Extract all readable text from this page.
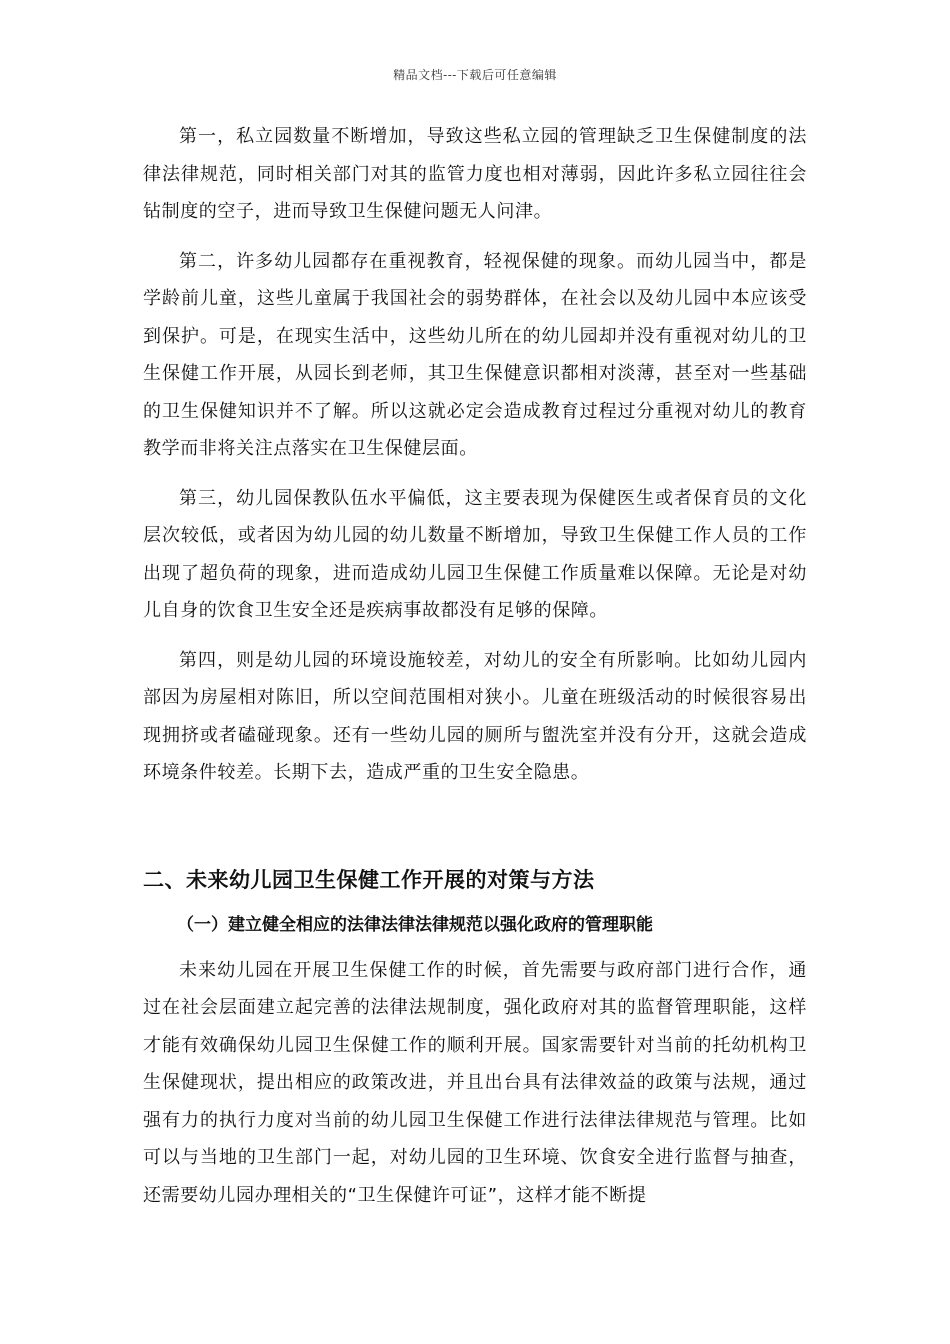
精品文档---下载后可任意编辑

第一，私立园数量不断增加，导致这些私立园的管理缺乏卫生保健制度的法律法律规范，同时相关部门对其的监管力度也相对薄弱，因此许多私立园往往会钻制度的空子，进而导致卫生保健问题无人问津。

第二，许多幼儿园都存在重视教育，轻视保健的现象。而幼儿园当中，都是学龄前儿童，这些儿童属于我国社会的弱势群体，在社会以及幼儿园中本应该受到保护。可是，在现实生活中，这些幼儿所在的幼儿园却并没有重视对幼儿的卫生保健工作开展，从园长到老师，其卫生保健意识都相对淡薄，甚至对一些基础的卫生保健知识并不了解。所以这就必定会造成教育过程过分重视对幼儿的教育教学而非将关注点落实在卫生保健层面。

第三，幼儿园保教队伍水平偏低，这主要表现为保健医生或者保育员的文化层次较低，或者因为幼儿园的幼儿数量不断增加，导致卫生保健工作人员的工作出现了超负荷的现象，进而造成幼儿园卫生保健工作质量难以保障。无论是对幼儿自身的饮食卫生安全还是疾病事故都没有足够的保障。

第四，则是幼儿园的环境设施较差，对幼儿的安全有所影响。比如幼儿园内部因为房屋相对陈旧，所以空间范围相对狭小。儿童在班级活动的时候很容易出现拥挤或者磕碰现象。还有一些幼儿园的厕所与盥洗室并没有分开，这就会造成环境条件较差。长期下去，造成严重的卫生安全隐患。

二、未来幼儿园卫生保健工作开展的对策与方法
（一）建立健全相应的法律法律法律规范以强化政府的管理职能

未来幼儿园在开展卫生保健工作的时候，首先需要与政府部门进行合作，通过在社会层面建立起完善的法律法规制度，强化政府对其的监督管理职能，这样才能有效确保幼儿园卫生保健工作的顺利开展。国家需要针对当前的托幼机构卫生保健现状，提出相应的政策改进，并且出台具有法律效益的政策与法规，通过强有力的执行力度对当前的幼儿园卫生保健工作进行法律法律规范与管理。比如可以与当地的卫生部门一起，对幼儿园的卫生环境、饮食安全进行监督与抽查，还需要幼儿园办理相关的“卫生保健许可证”，这样才能不断提
